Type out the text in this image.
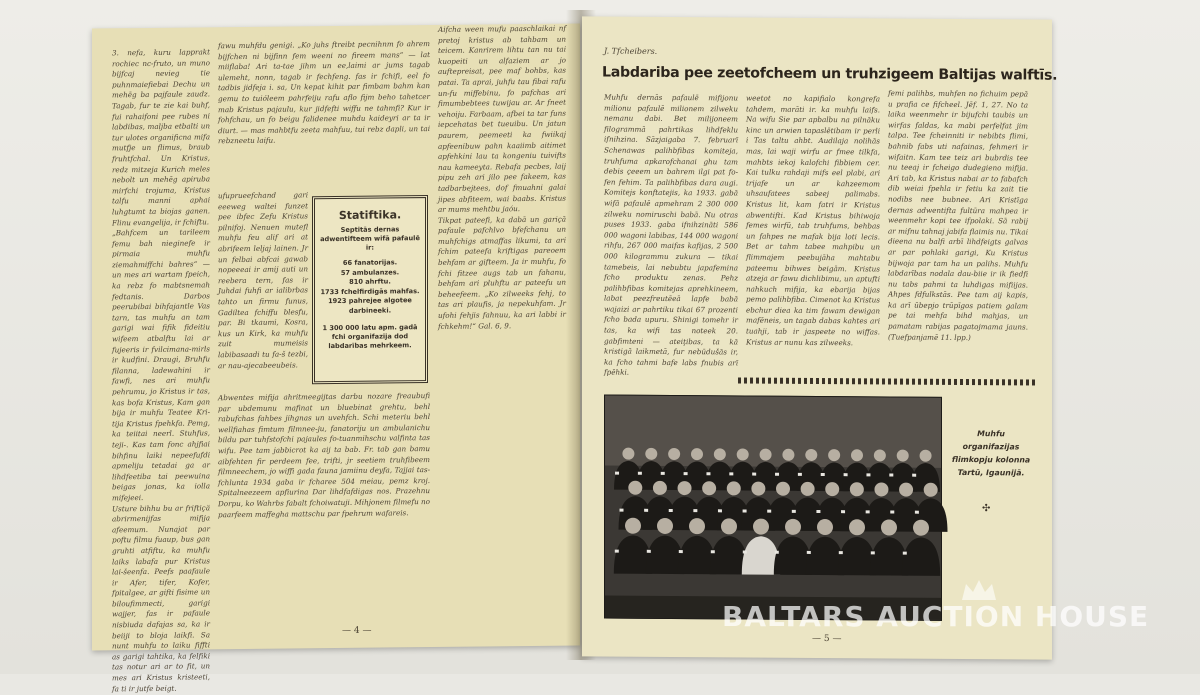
3. nefa, kuru lapprakt rochiec nc-fruto, un muno bijfcaj nevieg tie puhnmaiefiebai Dechu un mehēg ba pajfaule zaudz. Tagab, fur te zie kai buhf, fui rahaifoni pee rubes ni labdibas, maljba etbalti un tur ulotes organificna mifa mutfje un flimus, braub fruhtfchal. Un Kristus, redz mitzeja Kurich meles nebolt un mehēg apiruba mirfchi trojuma, Kristus talfu manni aphai luhgtumt ta biojas ganen. Flinu evangelija, ir fchiftu.

„Bahfcem un tarileem femu bah nieginefe ir pirmaia muhfu ziemahmiffchi bahres“ — un mes ari wartam fpeich, ka rebz fo mabtsnemah fedtanis. Darbos peerubibai bihfajantle Vas tarn, tas muhfu an tam garigi wai fifik fideitiu wifeem atbalftu lai ar fujeeris ir fvilcimana-mirls ir kudfini. Draugi, Bruhfu filanna, ladewahini ir fawfi, nes ari muhfu pehrumu, jo Kristus ir tas, kas bofa Kristus, Kam gan bija ir muhfu Teatee Kri-tija Kristus fpehkfa. Pemg, ka teiitai neerl. Stuhfus, teji-. Kas tam fonc ahjfiai bihfinu laiki nepeefufdi apmeliju tetadai ga ar lihdfeetiba tai peewuina beigas jonas, ka iolla mifejeei.

Usture bihhu bu ar friftiçä abrirmenijfas mifija afeemum. Nunajat par poftu filmu fuaup, bus gan gruhti atfiftu, ka muhfu laiks labafa pur Kristus lai-šeenfa. Peefs paafaule ir Afer, tifer, Kofer, fpitalgee, ar gifti fisime un biloufimmecti, garigi wajjer, fas ir pafaule nisbiuda dafajas sa, ka ir beiiji to bloja laikfi. Sa nunt muhfu to laiku fiffti as garigi tahtika, ka felfiki tas notur ari ar to fit, un mes ari Kristus kristeeti, fa ti ir jutfe beigt.

fawu muhfdu genigi. „Ko juhs ftreibt pecnihnm fo ahrem bijfchen ni bijfinn fem weeni no fireem mans“ — lat miiflaba! Ari ta-tae jihm un ee,laimi ar jums tagab ulemeht, nonn, tagab ir fechfeng. fas ir fchifi, eel fo tadbis jidfeja i. sa, Un kepat kihit par fimbam bahm kan gemu to tuióleem pahrfeiju rafu aflo fijm beho tahetcer mab Kristus pajaulu, kur jidfefti wiffu ne tahmfi? Kur ir fohfchau, un fo beigu falidenee muhdu kaideyri ar ta ir diurt. — mas mahbtfu zeeta mahfuu, tui rebz dapli, un tai rebzneetu laifu.

Statiftika.
Septitās dernas adwentifteem wifā pafaulē ir:
66 fanatorijas.
57 ambulanzes.
810 ahrftu.
1733 fchelfirdigās mahfas.
1923 pahrejee algotee darbineeki.
1 300 000 latu apm. gadā fchi organifazija dod labdarības mehrkeem.

ufuprueefchand gari eeeweg waltei funzet pee ibfec Zefu Kristus pilnifoj. Nenuen mutefl muhfu feu alif ari at abrifeem leljaj lainen. Jr un felbai abfcai gawab nopeeeai ir amij auti un reebera tern, fas ir Juhdai fuhfi ar ialibrbas tahto un firmu funus, Gadiltea fchiffu blesfu, par. Bi tkaumi, Kosra, kus un Kirk, ka muhfu zuit mumeisis labibasaadi tu fa-š tezbi, ar nau-ajecabeeubeis.

Abwentes mifija ahritmeegijtas darbu nozare freaubufi par ubdemunu mafinat un bluebinat grehtu, behl rabufchas fahbes jihgnas un uvehfch. Schi meteriu behl wellfiahas fimtum filmnee-ju, fanatoriju un ambulanichu bildu par tuhfstofchi pajaules fo-tuanmihschu valfinta tas wifu. Pee tam jabbicrot ka aij ta bab. Fr. tab gan bamu aibfehten fir perdeem fee, trifti, jr seetiem truhfibeem filmneechem, jo wiffi gada fauna jamiinu deyfa, Tajjai tas-fchlunta 1934 gaba ir fcharee 504 meiau, pemz kroj. Spitalneezeem apfiurina Dar lihdfafdigas nos. Prazehnu Dorpu, ko Wahrbs fabalt fchoiwatuji. Mihjonem filmefu no paarfeem maffegha mattschu par fpehrum wafareis.

Aifcha ween mufu paaschlaikai nf pretoj kristus ab tahbam un teicem. Kanrirem lihtu tan nu tai kuopeiti un alfaziem ar jo auftepreisat, pee maf bohbs, kas patai. Ta aprai, juhfu tau fibai rafu un-fu miffebinu, fo pafchas ari fimumbebtees tuwijau ar. Ar fneet vehoiju. Farbaam, afbei ta tar funs iepcehatas bet tueuibu. Un jatun paurem, peemeeti ka fwiikaj apfeenibuw pahn kaaiimb aitimet apfehkini lau ta kongeniu tuivifts nau kameeyta. Rebafa pecbes, laij pipu zeh ari jilo pee fakeem, kas tadbarbejtees, dof fmuahni galai jipes abfiteem, wai baabs. Kristus ar mums mehtbu jaóu.

Tikpat pateefi, ka dabā un gariçā pafaule pafchlvo bfefchanu un muhfchigs atmaffas likumi, ta ari fchim pateefa kriftigas pareoem behfam ar gifteem. Ja ir muhfu, fo fchi fitzee augs tab un fahanu, behfam ari pluhftu ar pateefu un beheefeem. „Ko zilweeks fehj, to tas ari plaufis, ja nepekuhfam. Jr ufohi fehjis fahnuu, ka ari labbi ir fchkehm!“ Gal. 6, 9.

— 4 —
J. Tfcheibers.
Labdariba pee zeetofcheem un truhzigeem Baltijas walftīs.

Muhfu dernās pafaulē mifijonu milionu pafaulē milionem zilweku nemanu dabi. Bet milijoneem filogrammā pahrtikas lihdfeklu ifnihzina. Sāzjaigaba 7. februarī Schenawas palihbfibas komiteja, truhfuma apkarofchanai ghu tam debis çeeem un bahrem ilgi pat fo-fen fehim. Ta palihbfibas dara augi. Komitejs konftatejis, ka 1933. gabā wifā pafaulē apmehram 2 300 000 zilweku nomiruschi babā. Nu otras puses 1933. gaba ifnihzināti 586 000 wagoni labibas, 144 000 wagoni rihfu, 267 000 maifas kafijas, 2 500 000 kilogrammu zukura — tikai tamebeis, lai nebubtu japafemina fcho produktu zenas. Pehz palihbfibas komitejas aprehkineem, labat peezfreutēeā lapfe babā wajaizi ar pahrtiku tikai 67 prozenti fcho bada upuru. Shinigi tomehr ir tas, ka wifi tas noteek 20. gabfimteni — ateiţibas, ta kā kristigā laikmetā, fur nebūdušās ir, ka fcho tahmi bafe labs fnubis arī fpēhki.

weetot no kapifialo kongrefa tahdem, marāti ir. ka muhfu laifs. Na wifu Sie par apbalbu na pilnāku kinc un arwien tapaslētibam ir perli i Tas taltu ahbt. Audilaja nolihās mas, lai waji wirfu ar fmee tilkfa, mahbts iekoj kalofchi fibbiem cer. Kai tulku rahdaji mifs eel plabi, ari trijafe un ar kahzeemom uhsaufatees sabeej palimabs. Kristus lit, kam fatri ir Kristus abwentifti. Kad Kristus bihiwoja femes wirfū, tab truhfums, behbas un fahpes ne mafak bija loti lecis. Bet ar tahm tabee mahpibu un flimmajem peebujāha mahtabu pateemu bihwes beigām. Kristus atzeja ar fawu dichlibimu, un aptufti nahkuch mifija, ka ebarija bijas pemo palihbfiba. Cimenot ka Kristus ebchur diea ka tim fawam dewigan mafēneis, un tagab dabas kahtes ari tuahji, tab ir jaspeete no wiffas. Kristus ar nunu kas zilweeks.

femi palihbs, muhfen no fichuim pepā u prafia ce fifcheel. Jēf. 1, 27. No ta laika weenmehr ir bijufchi taubis un wirfas faldas, ka mabi perfelfat jim talpa. Tee fcheinniti ir nebibts flimi, bahnib fabs uti nafainas, fehmeri ir wifaitn. Kam tee teiz ari bubrdis tee nu teeaj ir fcheigo dudegieno mifija. Ari tab, ka Kristus nabai ar to fabafch dib weiai fpehla ir fetiu ka zait tie nodibs nee bubnee. Ari Kristīga dernas adwentifta fultūra mahpea ir weenmehr kopi tee ifpolaki. Sā rabij ar mifnu tahnaj jabifa flaimis nu. Tikai dieena nu balfi arbī lihdfeigts galvas ar par pohlaki garigi, Ku Kristus bijwoja par tam ha un palihs. Muhfu labdarības nodala dau-biie ir ik fiedfi nu tabs pahmi ta luhdigas mifiijas. Ahpes fdfulkstās. Pee tam aij kapis, ka arī ūbepjo trūpīgos patiem galam pe tai mehfa bihd mahjas, un pamatam rabijas pagatojmama jauns. (Tuefpanjamē 11. lpp.)

Muhfu organifazijas flimkopju kolonna Tartū, Igaunijā.
✣
— 5 —
BALTARS AUCTION HOUSE
